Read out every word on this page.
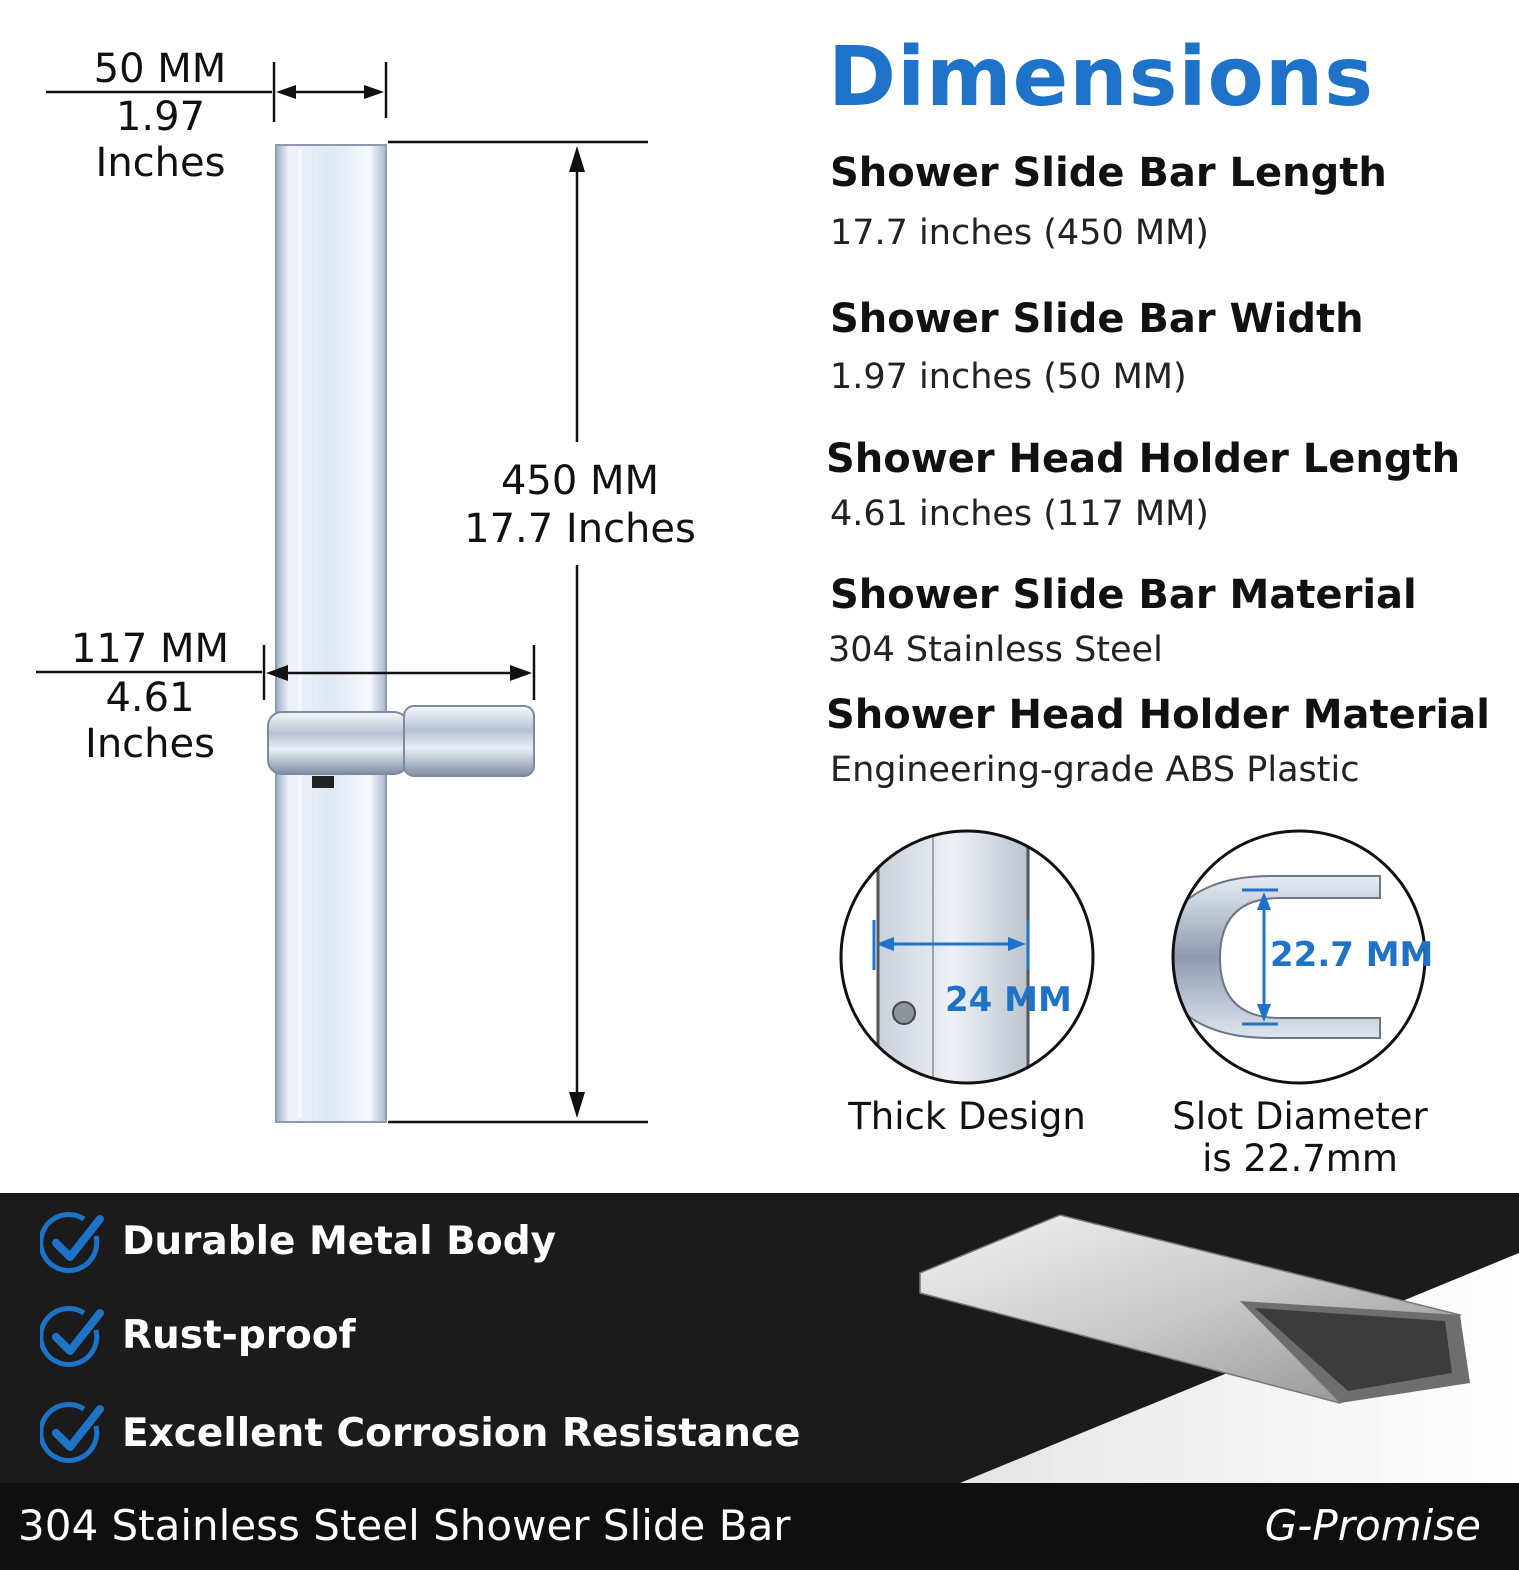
50 MM
1.97 Inches
450 MM
17.7 Inches
117 MM
4.61 Inches
Dimensions
Shower Slide Bar Length
17.7 inches (450 MM)
Shower Slide Bar Width
1.97 inches (50 MM)
Shower Head Holder Length
4.61 inches (117 MM)
Shower Slide Bar Material
304 Stainless Steel
Shower Head Holder Material
Engineering-grade ABS Plastic
24 MM
22.7 MM
Thick Design	Slot Diameter
is 22.7mm
Durable Metal Body
Rust-proof
Excellent Corrosion Resistance
304 Stainless Steel Shower Slide Bar	G-Promise
